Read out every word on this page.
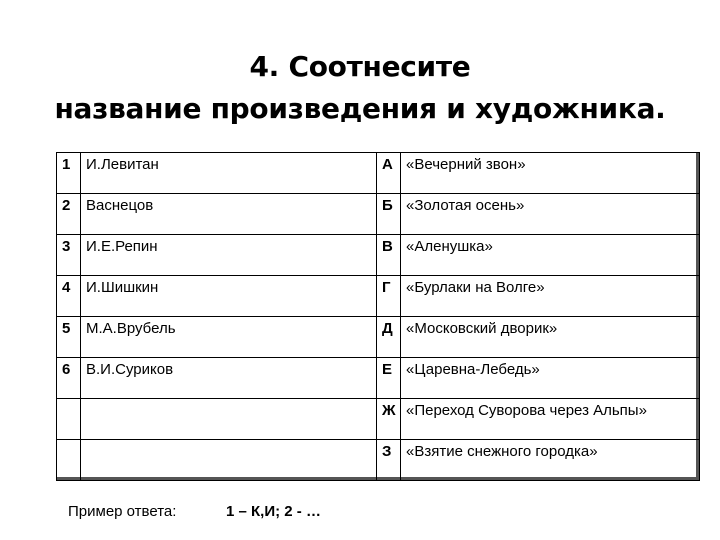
4. Соотнесите
название произведения и художника.
1	И.Левитан	А	«Вечерний звон»
2	Васнецов	Б	«Золотая осень»
3	И.Е.Репин	В	«Аленушка»
4	И.Шишкин	Г	«Бурлаки на Волге»
5	М.А.Врубель	Д	«Московский дворик»
6	В.И.Суриков	Е	«Царевна-Лебедь»
		Ж	«Переход Суворова через Альпы»
		З	«Взятие снежного городка»
Пример ответа:	1 – К,И; 2 - …
